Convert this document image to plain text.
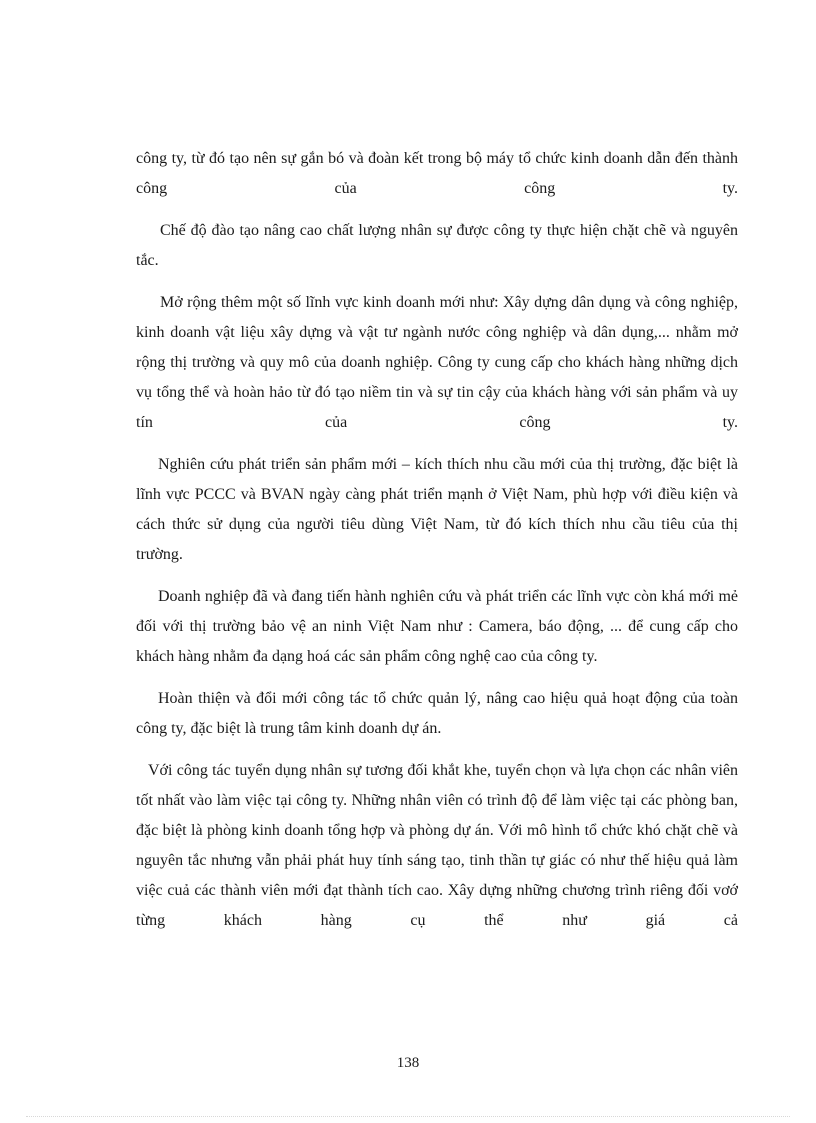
công ty, từ đó tạo nên sự gắn bó và đoàn kết trong bộ máy tổ chức kinh doanh dẫn đến thành công của công ty.

Chế độ đào tạo nâng cao chất lượng nhân sự được công ty thực hiện chặt chẽ và nguyên tắc.

Mở rộng thêm một số lĩnh vực kinh doanh mới như: Xây dựng dân dụng và công nghiệp, kinh doanh vật liệu xây dựng và vật tư ngành nước công nghiệp và dân dụng,... nhằm mở rộng thị trường và quy mô của doanh nghiệp. Công ty cung cấp cho khách hàng những dịch vụ tổng thể và hoàn hảo từ đó tạo niềm tin và sự tin cậy của khách hàng với sản phẩm và uy tín của công ty.

Nghiên cứu phát triển sản phẩm mới – kích thích nhu cầu mới của thị trường, đặc biệt là lĩnh vực PCCC và BVAN ngày càng phát triển mạnh ở Việt Nam, phù hợp với điều kiện và cách thức sử dụng của người tiêu dùng Việt Nam, từ đó kích thích nhu cầu tiêu của thị trường.

Doanh nghiệp đã và đang tiến hành nghiên cứu và phát triển các lĩnh vực còn khá mới mẻ đối với thị trường bảo vệ an ninh Việt Nam như : Camera, báo động, ... để cung cấp cho khách hàng nhằm đa dạng hoá các sản phẩm công nghệ cao của công ty.

Hoàn thiện và đổi mới công tác tổ chức quản lý, nâng cao hiệu quả hoạt động của toàn công ty, đặc biệt là trung tâm kinh doanh dự án.

Với công tác tuyển dụng nhân sự tương đối khắt khe, tuyển chọn và lựa chọn các nhân viên tốt nhất vào làm việc tại công ty. Những nhân viên có trình độ để làm việc tại các phòng ban, đặc biệt là phòng kinh doanh tổng hợp và phòng dự án. Với mô hình tổ chức khó chặt chẽ và nguyên tắc nhưng vẫn phải phát huy tính sáng tạo, tinh thần tự giác có như thế hiệu quả làm việc cuả các thành viên mới đạt thành tích cao. Xây dựng những chương trình riêng đối vơớ từng khách hàng cụ thể như giá cả

138
